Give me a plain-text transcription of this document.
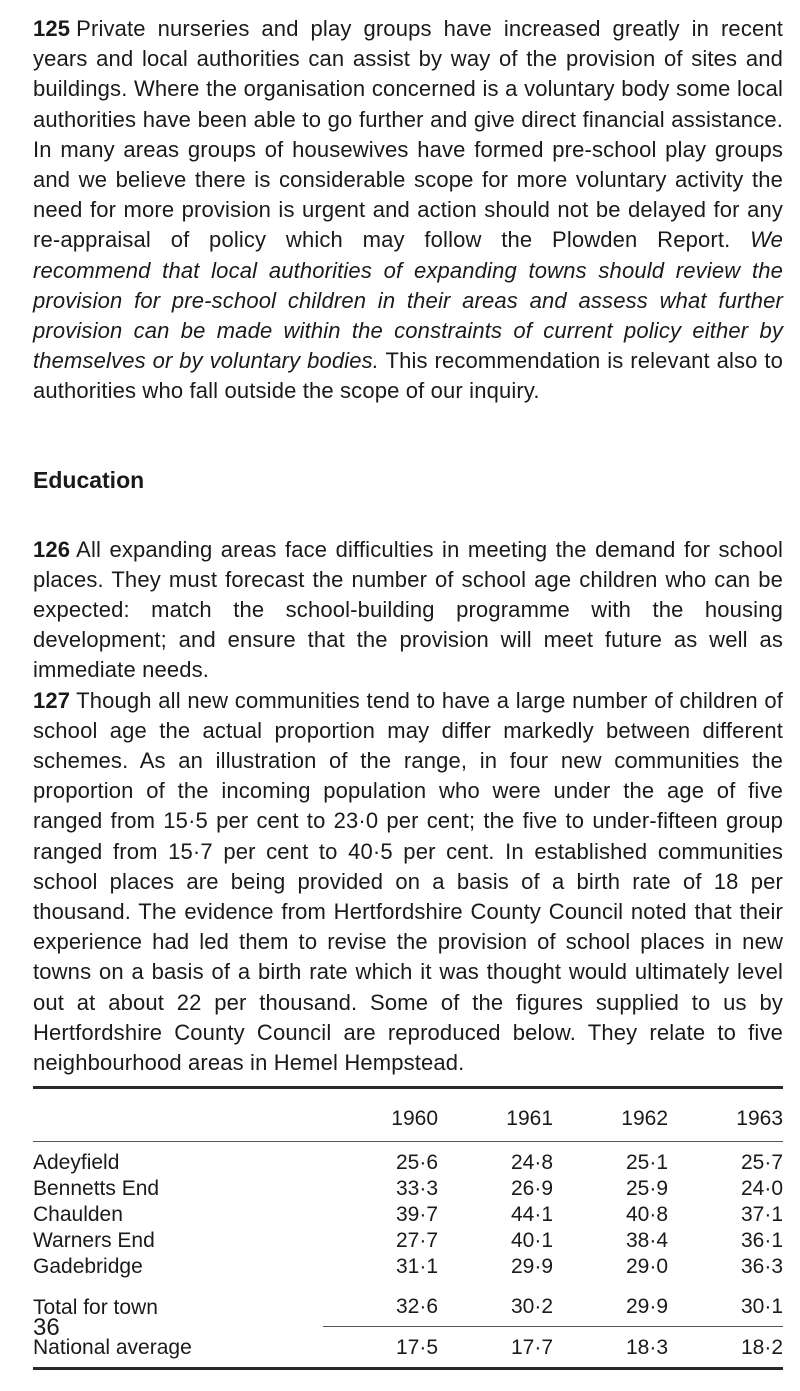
125 Private nurseries and play groups have increased greatly in recent years and local authorities can assist by way of the provision of sites and buildings. Where the organisation concerned is a voluntary body some local authorities have been able to go further and give direct financial assistance. In many areas groups of housewives have formed pre-school play groups and we believe there is considerable scope for more voluntary activity the need for more provision is urgent and action should not be delayed for any re-appraisal of policy which may follow the Plowden Report. We recommend that local authorities of expanding towns should review the provision for pre-school children in their areas and assess what further provision can be made within the constraints of current policy either by themselves or by voluntary bodies. This recommendation is relevant also to authorities who fall outside the scope of our inquiry.

Education

126 All expanding areas face difficulties in meeting the demand for school places. They must forecast the number of school age children who can be expected: match the school-building programme with the housing development; and ensure that the provision will meet future as well as immediate needs.

127 Though all new communities tend to have a large number of children of school age the actual proportion may differ markedly between different schemes. As an illustration of the range, in four new communities the proportion of the incoming population who were under the age of five ranged from 15·5 per cent to 23·0 per cent; the five to under-fifteen group ranged from 15·7 per cent to 40·5 per cent. In established communities school places are being provided on a basis of a birth rate of 18 per thousand. The evidence from Hertfordshire County Council noted that their experience had led them to revise the provision of school places in new towns on a basis of a birth rate which it was thought would ultimately level out at about 22 per thousand. Some of the figures supplied to us by Hertfordshire County Council are reproduced below. They relate to five neighbourhood areas in Hemel Hempstead.

	1960	1961	1962	1963
Adeyfield	25·6	24·8	25·1	25·7
Bennetts End	33·3	26·9	25·9	24·0
Chaulden	39·7	44·1	40·8	37·1
Warners End	27·7	40·1	38·4	36·1
Gadebridge	31·1	29·9	29·0	36·3
Total for town	32·6	30·2	29·9	30·1
National average	17·5	17·7	18·3	18·2
36
